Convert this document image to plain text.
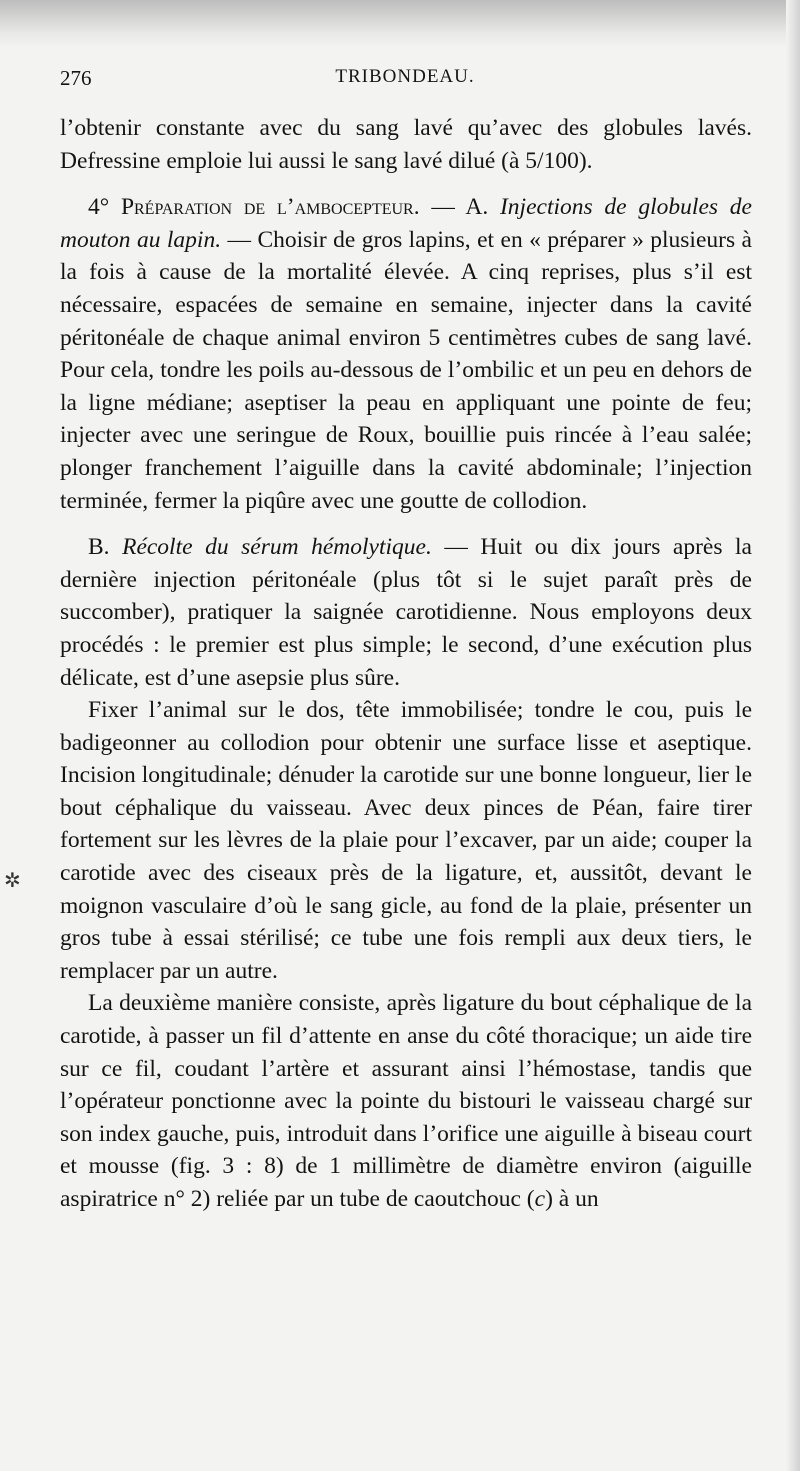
276	TRIBONDEAU.
✲

l’obtenir constante avec du sang lavé qu’avec des globules lavés. Defressine emploie lui aussi le sang lavé dilué (à 5/100).

4° Préparation de l’ambocepteur. — A. Injections de globules de mouton au lapin. — Choisir de gros lapins, et en « préparer » plusieurs à la fois à cause de la mortalité élevée. A cinq reprises, plus s’il est nécessaire, espacées de semaine en semaine, injecter dans la cavité péritonéale de chaque animal environ 5 centimètres cubes de sang lavé. Pour cela, tondre les poils au-dessous de l’ombilic et un peu en dehors de la ligne médiane; aseptiser la peau en appliquant une pointe de feu; injecter avec une seringue de Roux, bouillie puis rincée à l’eau salée; plonger franchement l’aiguille dans la cavité abdominale; l’injection terminée, fermer la piqûre avec une goutte de collodion.

B. Récolte du sérum hémolytique. — Huit ou dix jours après la dernière injection péritonéale (plus tôt si le sujet paraît près de succomber), pratiquer la saignée carotidienne. Nous employons deux procédés : le premier est plus simple; le second, d’une exécution plus délicate, est d’une asepsie plus sûre.

Fixer l’animal sur le dos, tête immobilisée; tondre le cou, puis le badigeonner au collodion pour obtenir une surface lisse et aseptique. Incision longitudinale; dénuder la carotide sur une bonne longueur, lier le bout céphalique du vaisseau. Avec deux pinces de Péan, faire tirer fortement sur les lèvres de la plaie pour l’excaver, par un aide; couper la carotide avec des ciseaux près de la ligature, et, aussitôt, devant le moignon vasculaire d’où le sang gicle, au fond de la plaie, présenter un gros tube à essai stérilisé; ce tube une fois rempli aux deux tiers, le remplacer par un autre.

La deuxième manière consiste, après ligature du bout céphalique de la carotide, à passer un fil d’attente en anse du côté thoracique; un aide tire sur ce fil, coudant l’artère et assurant ainsi l’hémostase, tandis que l’opérateur ponctionne avec la pointe du bistouri le vaisseau chargé sur son index gauche, puis, introduit dans l’orifice une aiguille à biseau court et mousse (fig. 3 : 8) de 1 millimètre de diamètre environ (aiguille aspiratrice n° 2) reliée par un tube de caoutchouc (c) à un
